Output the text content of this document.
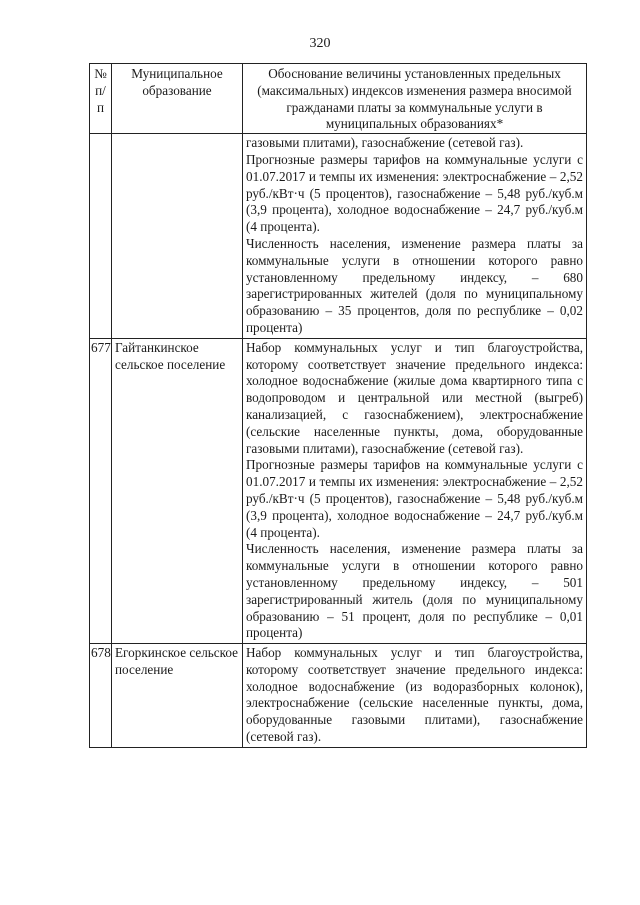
320
№ п/п	Муниципальное образование	Обоснование величины установленных предельных (максимальных) индексов изменения размера вносимой гражданами платы за коммунальные услуги в муниципальных образованиях*

		газовыми плитами), газоснабжение (сетевой газ).

Прогнозные размеры тарифов на коммунальные услуги с 01.07.2017 и темпы их изменения: электроснабжение – 2,52 руб./кВт·ч (5 процентов), газоснабжение – 5,48 руб./куб.м (3,9 процента), холодное водоснабжение – 24,7 руб./куб.м (4 процента).

Численность населения, изменение размера платы за коммунальные услуги в отношении которого равно установленному предельному индексу, – 680 зарегистрированных жителей (доля по муниципальному образованию – 35 процентов, доля по республике – 0,02 процента)

677	Гайтанкинское сельское поселение	Набор коммунальных услуг и тип благоустройства, которому соответствует значение предельного индекса: холодное водоснабжение (жилые дома квартирного типа с водопроводом и центральной или местной (выгреб) канализацией, с газоснабжением), электроснабжение (сельские населенные пункты, дома, оборудованные газовыми плитами), газоснабжение (сетевой газ).

Прогнозные размеры тарифов на коммунальные услуги с 01.07.2017 и темпы их изменения: электроснабжение – 2,52 руб./кВт·ч (5 процентов), газоснабжение – 5,48 руб./куб.м (3,9 процента), холодное водоснабжение – 24,7 руб./куб.м (4 процента).

Численность населения, изменение размера платы за коммунальные услуги в отношении которого равно установленному предельному индексу, – 501 зарегистрированный житель (доля по муниципальному образованию – 51 процент, доля по республике – 0,01 процента)

678	Егоркинское сельское поселение	Набор коммунальных услуг и тип благоустройства, которому соответствует значение предельного индекса: холодное водоснабжение (из водоразборных колонок), электроснабжение (сельские населенные пункты, дома, оборудованные газовыми плитами), газоснабжение (сетевой газ).
